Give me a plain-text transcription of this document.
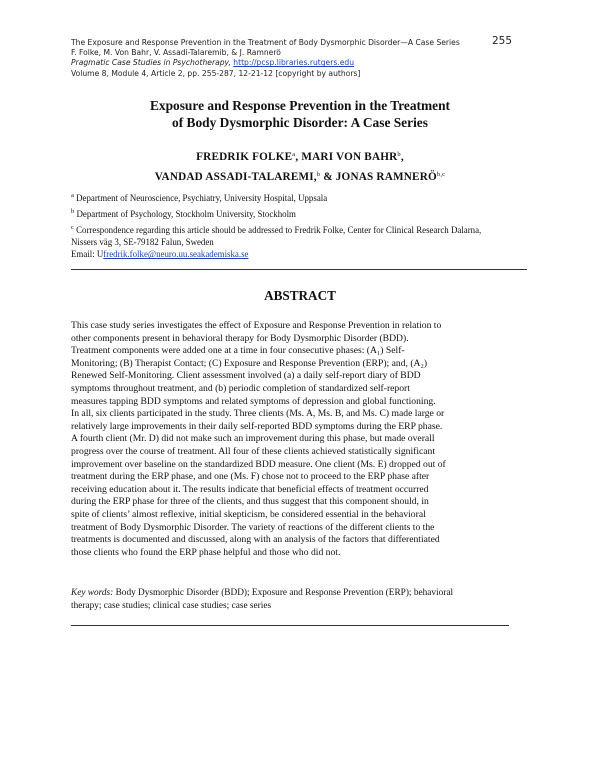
The Exposure and Response Prevention in the Treatment of Body Dysmorphic Disorder—A Case Series
F. Folke, M. Von Bahr, V. Assadi-Talaremib, & J. Ramnerö
Pragmatic Case Studies in Psychotherapy, http://pcsp.libraries.rutgers.edu
Volume 8, Module 4, Article 2, pp. 255-287, 12-21-12 [copyright by authors]
255
Exposure and Response Prevention in the Treatment
of Body Dysmorphic Disorder: A Case Series
FREDRIK FOLKE$^a$, MARI VON BAHR$^b$,
VANDAD ASSADI-TALAREMI,$^b$ & JONAS RAMNERÖ$^{b,c}$
$^a$ Department of Neuroscience, Psychiatry, University Hospital, Uppsala
$^b$ Department of Psychology, Stockholm University, Stockholm
$^c$ Correspondence regarding this article should be addressed to Fredrik Folke, Center for Clinical Research Dalarna,
Nissers väg 3, SE-79182 Falun, Sweden
Email: Ufredrik.folke@neuro.uu.seakademiska.se
ABSTRACT
This case study series investigates the effect of Exposure and Response Prevention in relation to
other components present in behavioral therapy for Body Dysmorphic Disorder (BDD).
Treatment components were added one at a time in four consecutive phases: (A₁) Self-
Monitoring; (B) Therapist Contact; (C) Exposure and Response Prevention (ERP); and, (A₂)
Renewed Self-Monitoring. Client assessment involved (a) a daily self-report diary of BDD
symptoms throughout treatment, and (b) periodic completion of standardized self-report
measures tapping BDD symptoms and related symptoms of depression and global functioning.
In all, six clients participated in the study. Three clients (Ms. A, Ms. B, and Ms. C) made large or
relatively large improvements in their daily self-reported BDD symptoms during the ERP phase.
A fourth client (Mr. D) did not make such an improvement during this phase, but made overall
progress over the course of treatment. All four of these clients achieved statistically significant
improvement over baseline on the standardized BDD measure. One client (Ms. E) dropped out of
treatment during the ERP phase, and one (Ms. F) chose not to proceed to the ERP phase after
receiving education about it. The results indicate that beneficial effects of treatment occurred
during the ERP phase for three of the clients, and thus suggest that this component should, in
spite of clients’ almost reflexive, initial skepticism, be considered essential in the behavioral
treatment of Body Dysmorphic Disorder. The variety of reactions of the different clients to the
treatments is documented and discussed, along with an analysis of the factors that differentiated
those clients who found the ERP phase helpful and those who did not.
Key words: Body Dysmorphic Disorder (BDD); Exposure and Response Prevention (ERP); behavioral
therapy; case studies; clinical case studies; case series
